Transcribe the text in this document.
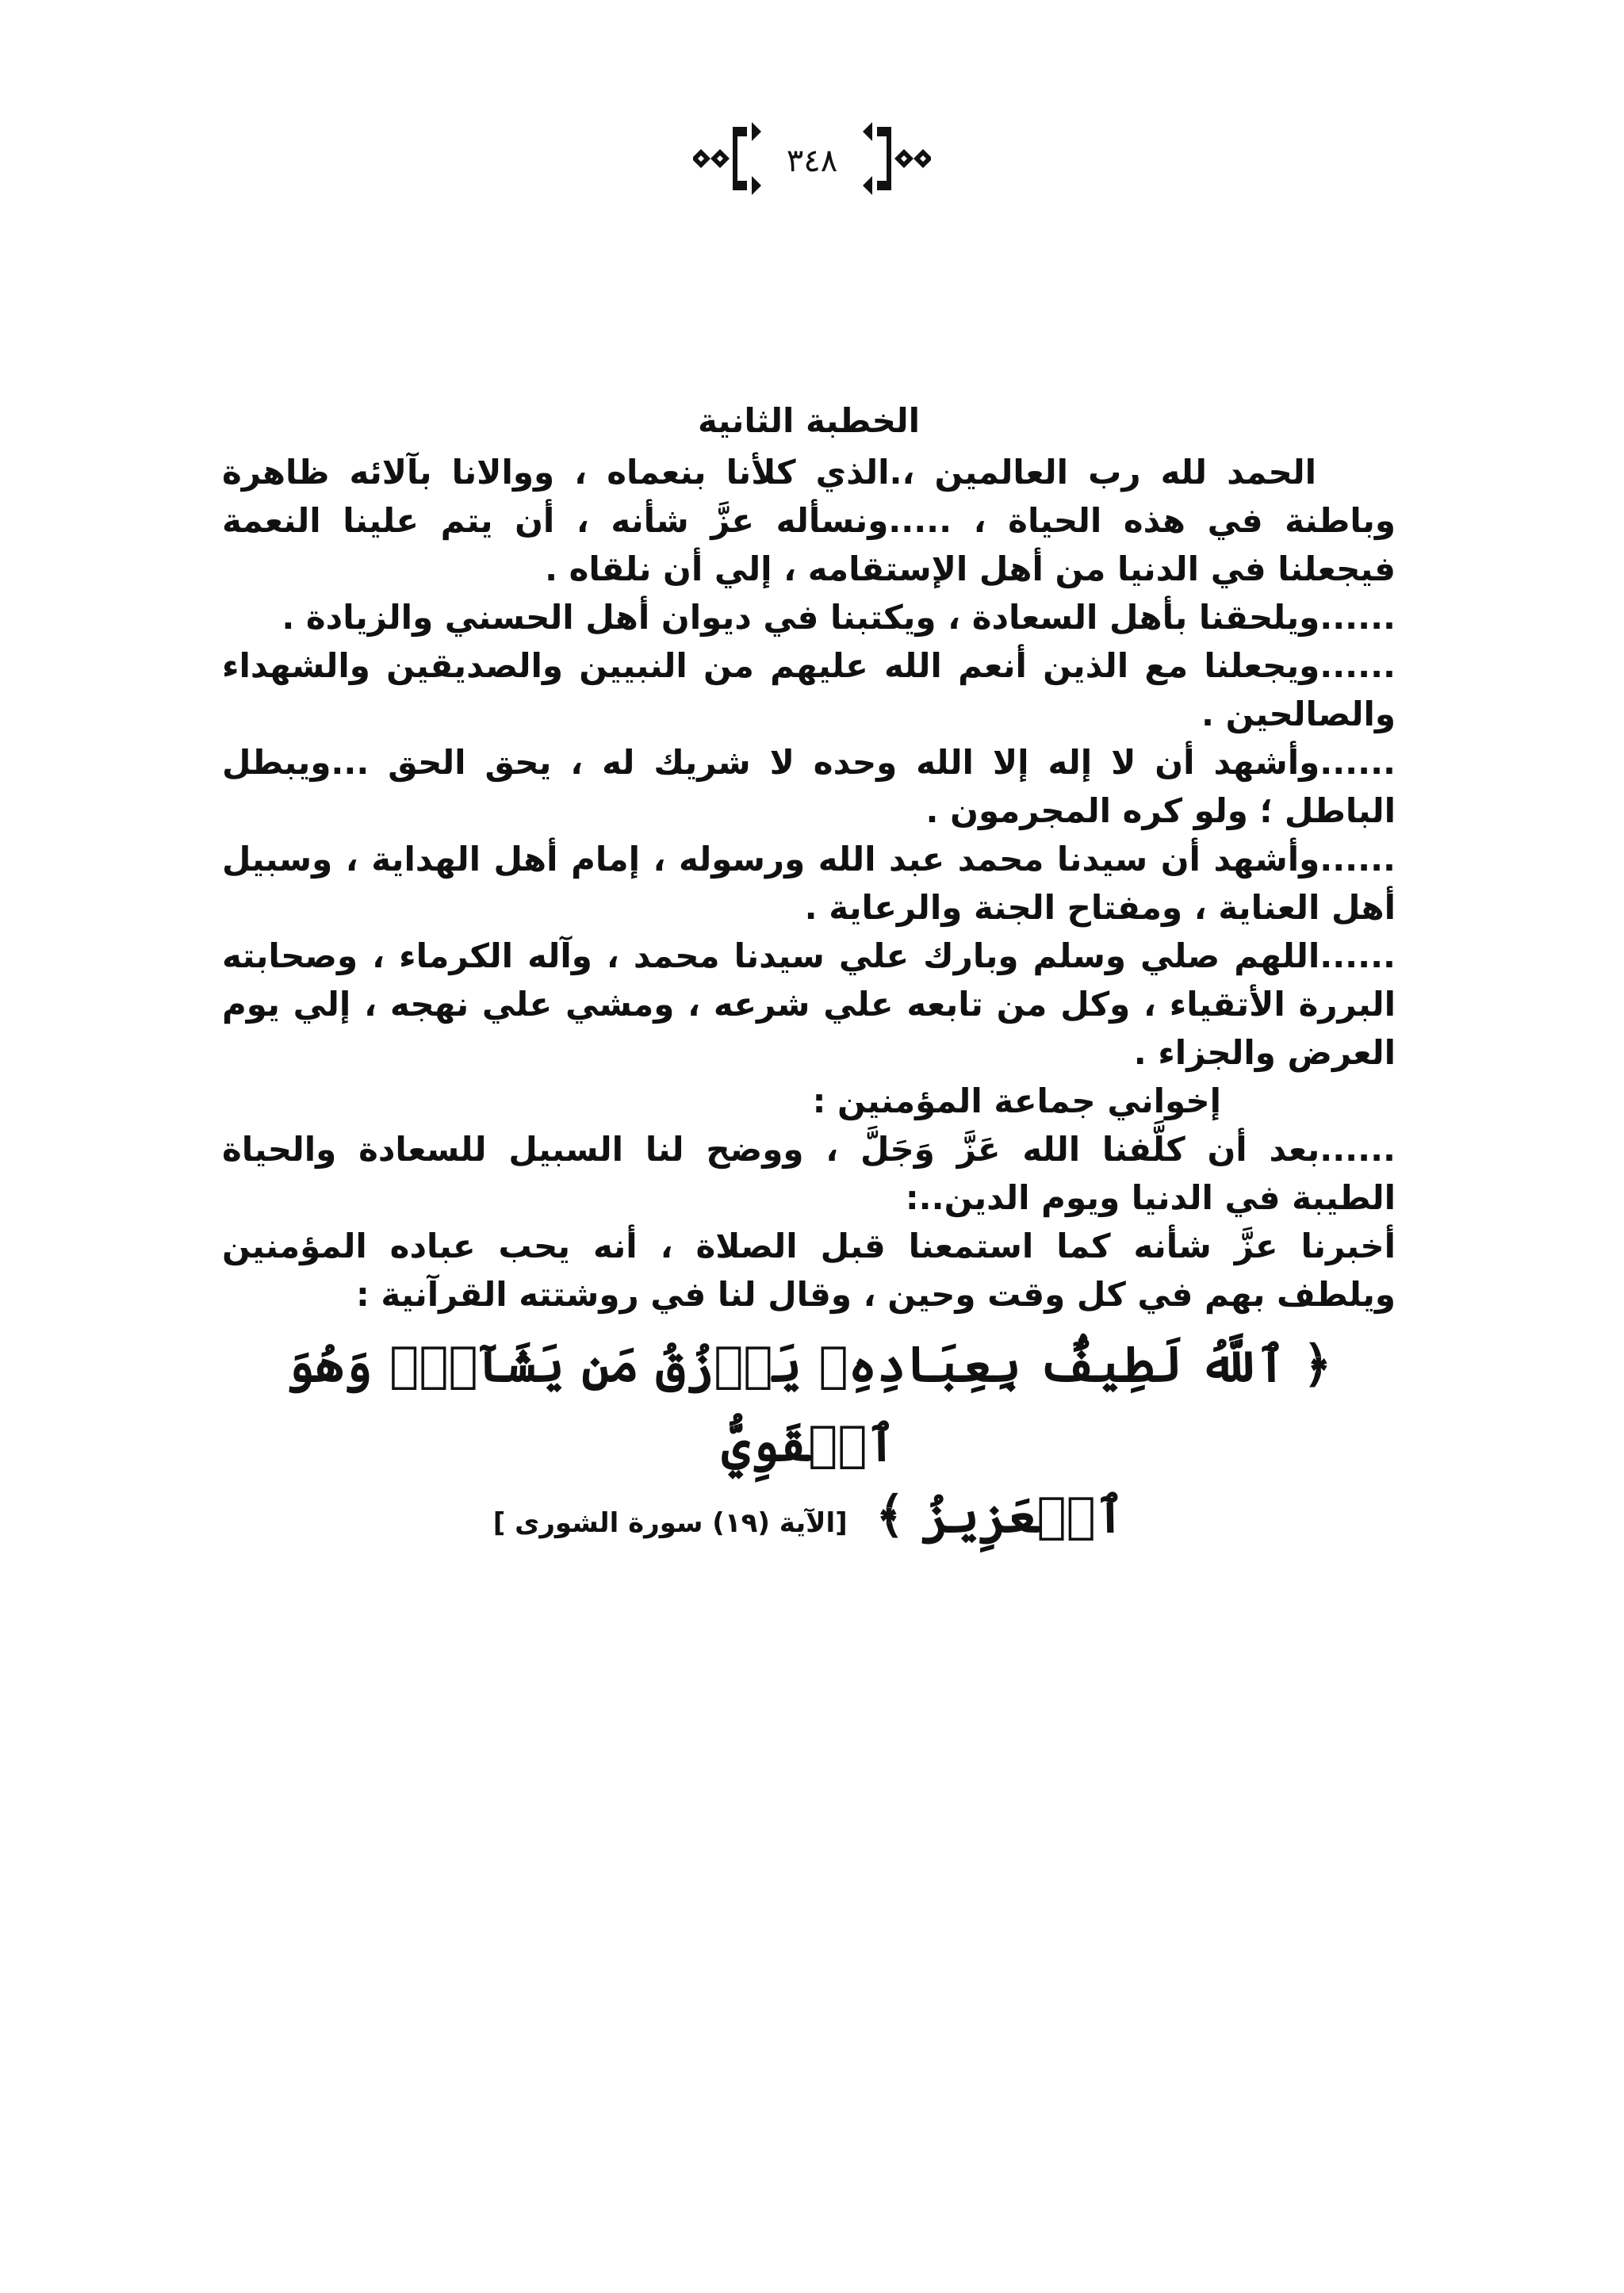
٣٤٨
الخطبة الثانية

الحمد لله رب العالمين ،.الذي كلأنا بنعماه ، ووالانا بآلائه ظاهرة وباطنة في هذه الحياة ، .....ونسأله عزَّ شأنه ، أن يتم علينا النعمة فيجعلنا في الدنيا من أهل الإستقامه ، إلي أن نلقاه .

......ويلحقنا بأهل السعادة ، ويكتبنا في ديوان أهل الحسني والزيادة .

......ويجعلنا مع الذين أنعم الله عليهم من النبيين والصديقين والشهداء والصالحين .

......وأشهد أن لا إله إلا الله وحده لا شريك له ، يحق الحق ...ويبطل الباطل ؛ ولو كره المجرمون .

......وأشهد أن سيدنا محمد عبد الله ورسوله ، إمام أهل الهداية ، وسبيل أهل العناية ، ومفتاح الجنة والرعاية .

......اللهم صلي وسلم وبارك علي سيدنا محمد ، وآله الكرماء ، وصحابته البررة الأتقياء ، وكل من تابعه علي شرعه ، ومشي علي نهجه ، إلي يوم العرض والجزاء .

إخواني جماعة المؤمنين :

......بعد أن كلَّفنا الله عَزَّ وَجَلَّ ، ووضح لنا السبيل للسعادة والحياة الطيبة في الدنيا ويوم الدين..:

أخبرنا عزَّ شأنه كما استمعنا قبل الصلاة ، أنه يحب عباده المؤمنين ويلطف بهم في كل وقت وحين ، وقال لنا في روشتته القرآنية :

﴿ ٱللَّهُ لَطِيفٌۢ بِعِبَادِهِۦ يَرۡزُقُ مَن يَشَآءُۖ وَهُوَ ٱلۡقَوِيُّ
ٱلۡعَزِيزُ ﴾ [الآية (١٩) سورة الشورى ]
